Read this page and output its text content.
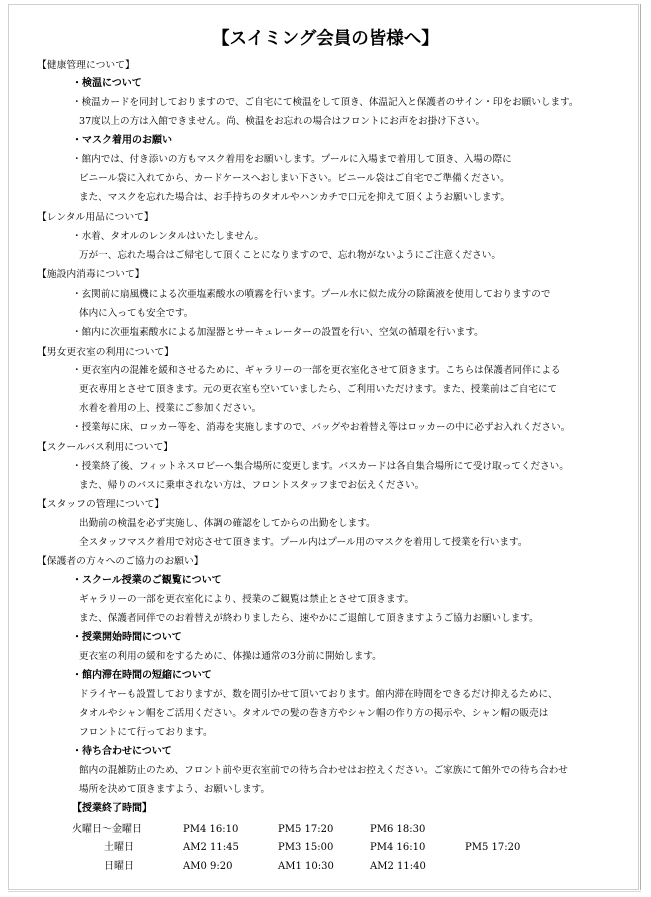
【スイミング会員の皆様へ】
【健康管理について】
・検温について
・検温カードを同封しておりますので、ご自宅にて検温をして頂き、体温記入と保護者のサイン・印をお願いします。
37度以上の方は入館できません。尚、検温をお忘れの場合はフロントにお声をお掛け下さい。
・マスク着用のお願い
・館内では、付き添いの方もマスク着用をお願いします。プールに入場まで着用して頂き、入場の際に
ビニール袋に入れてから、カードケースへおしまい下さい。ビニール袋はご自宅でご準備ください。
また、マスクを忘れた場合は、お手持ちのタオルやハンカチで口元を抑えて頂くようお願いします。
【レンタル用品について】
・水着、タオルのレンタルはいたしません。
万が一、忘れた場合はご帰宅して頂くことになりますので、忘れ物がないようにご注意ください。
【施設内消毒について】
・玄関前に扇風機による次亜塩素酸水の噴霧を行います。プール水に似た成分の除菌液を使用しておりますので
体内に入っても安全です。
・館内に次亜塩素酸水による加湿器とサーキュレーターの設置を行い、空気の循環を行います。
【男女更衣室の利用について】
・更衣室内の混雑を緩和させるために、ギャラリーの一部を更衣室化させて頂きます。こちらは保護者同伴による
更衣専用とさせて頂きます。元の更衣室も空いていましたら、ご利用いただけます。また、授業前はご自宅にて
水着を着用の上、授業にご参加ください。
・授業毎に床、ロッカー等を、消毒を実施しますので、バッグやお着替え等はロッカーの中に必ずお入れください。
【スクールバス利用について】
・授業終了後、フィットネスロビーへ集合場所に変更します。バスカードは各自集合場所にて受け取ってください。
また、帰りのバスに乗車されない方は、フロントスタッフまでお伝えください。
【スタッフの管理について】
出勤前の検温を必ず実施し、体調の確認をしてからの出勤をします。
全スタッフマスク着用で対応させて頂きます。プール内はプール用のマスクを着用して授業を行います。
【保護者の方々へのご協力のお願い】
・スクール授業のご観覧について
ギャラリーの一部を更衣室化により、授業のご観覧は禁止とさせて頂きます。
また、保護者同伴でのお着替えが終わりましたら、速やかにご退館して頂きますようご協力お願いします。
・授業開始時間について
更衣室の利用の緩和をするために、体操は通常の3分前に開始します。
・館内滞在時間の短縮について
ドライヤーも設置しておりますが、数を間引かせて頂いております。館内滞在時間をできるだけ抑えるために、
タオルやシャン帽をご活用ください。タオルでの髪の巻き方やシャン帽の作り方の掲示や、シャン帽の販売は
フロントにて行っております。
・待ち合わせについて
館内の混雑防止のため、フロント前や更衣室前での待ち合わせはお控えください。ご家族にて館外での待ち合わせ
場所を決めて頂きますよう、お願いします。
【授業終了時間】
火曜日～金曜日	PM4 16:10	PM5 17:20	PM6 18:30
土曜日	AM2 11:45	PM3 15:00	PM4 16:10	PM5 17:20
日曜日	AM0 9:20	AM1 10:30	AM2 11:40
